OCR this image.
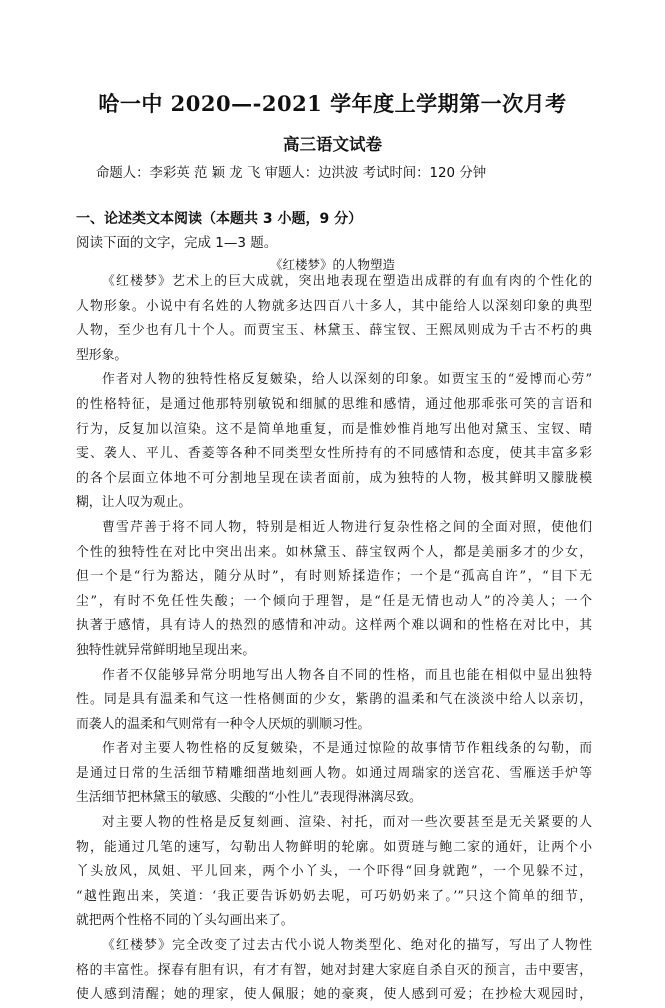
哈一中 2020—-2021 学年度上学期第一次月考
高三语文试卷
命题人：李彩英 范 颖 龙 飞 审题人：边洪波 考试时间：120 分钟
一、论述类文本阅读（本题共 3 小题，9 分）
阅读下面的文字，完成 1—3 题。
《红楼梦》的人物塑造
《红楼梦》艺术上的巨大成就，突出地表现在塑造出成群的有血有肉的个性化的
人物形象。小说中有名姓的人物就多达四百八十多人，其中能给人以深刻印象的典型
人物，至少也有几十个人。而贾宝玉、林黛玉、薛宝钗、王熙凤则成为千古不朽的典
型形象。
作者对人物的独特性格反复皴染，给人以深刻的印象。如贾宝玉的“爱博而心劳”
的性格特征，是通过他那特别敏锐和细腻的思维和感情，通过他那乖张可笑的言语和
行为，反复加以渲染。这不是简单地重复，而是惟妙惟肖地写出他对黛玉、宝钗、晴
雯、袭人、平儿、香菱等各种不同类型女性所持有的不同感情和态度，使其丰富多彩
的各个层面立体地不可分割地呈现在读者面前，成为独特的人物，极其鲜明又朦胧模
糊，让人叹为观止。
曹雪芹善于将不同人物，特别是相近人物进行复杂性格之间的全面对照，使他们
个性的独特性在对比中突出出来。如林黛玉、薛宝钗两个人，都是美丽多才的少女，
但一个是“行为豁达，随分从时”，有时则矫揉造作；一个是“孤高自许”，“目下无
尘”，有时不免任性失酸；一个倾向于理智，是“任是无情也动人”的冷美人；一个
执著于感情，具有诗人的热烈的感情和冲动。这样两个难以调和的性格在对比中，其
独特性就异常鲜明地呈现出来。
作者不仅能够异常分明地写出人物各自不同的性格，而且也能在相似中显出独特
性。同是具有温柔和气这一性格侧面的少女，紫鹃的温柔和气在淡淡中给人以亲切，
而袭人的温柔和气则常有一种令人厌烦的驯顺习性。
作者对主要人物性格的反复皴染，不是通过惊险的故事情节作粗线条的勾勒，而
是通过日常的生活细节精雕细凿地刻画人物。如通过周瑞家的送宫花、雪雁送手炉等
生活细节把林黛玉的敏感、尖酸的“小性儿”表现得淋漓尽致。
对主要人物的性格是反复刻画、渲染、衬托，而对一些次要甚至是无关紧要的人
物，能通过几笔的速写，勾勒出人物鲜明的轮廓。如贾琏与鲍二家的通奸，让两个小
丫头放风，凤姐、平儿回来，两个小丫头，一个吓得“回身就跑”，一个见躲不过，
“越性跑出来，笑道：‘我正要告诉奶奶去呢，可巧奶奶来了。’”只这个简单的细节，
就把两个性格不同的丫头勾画出来了。
《红楼梦》完全改变了过去古代小说人物类型化、绝对化的描写，写出了人物性
格的丰富性。探春有胆有识，有才有智，她对封建大家庭自杀自灭的预言，击中要害，
使人感到清醒；她的理家，使人佩服；她的豪爽，使人感到可爱；在抄检大观园时，
